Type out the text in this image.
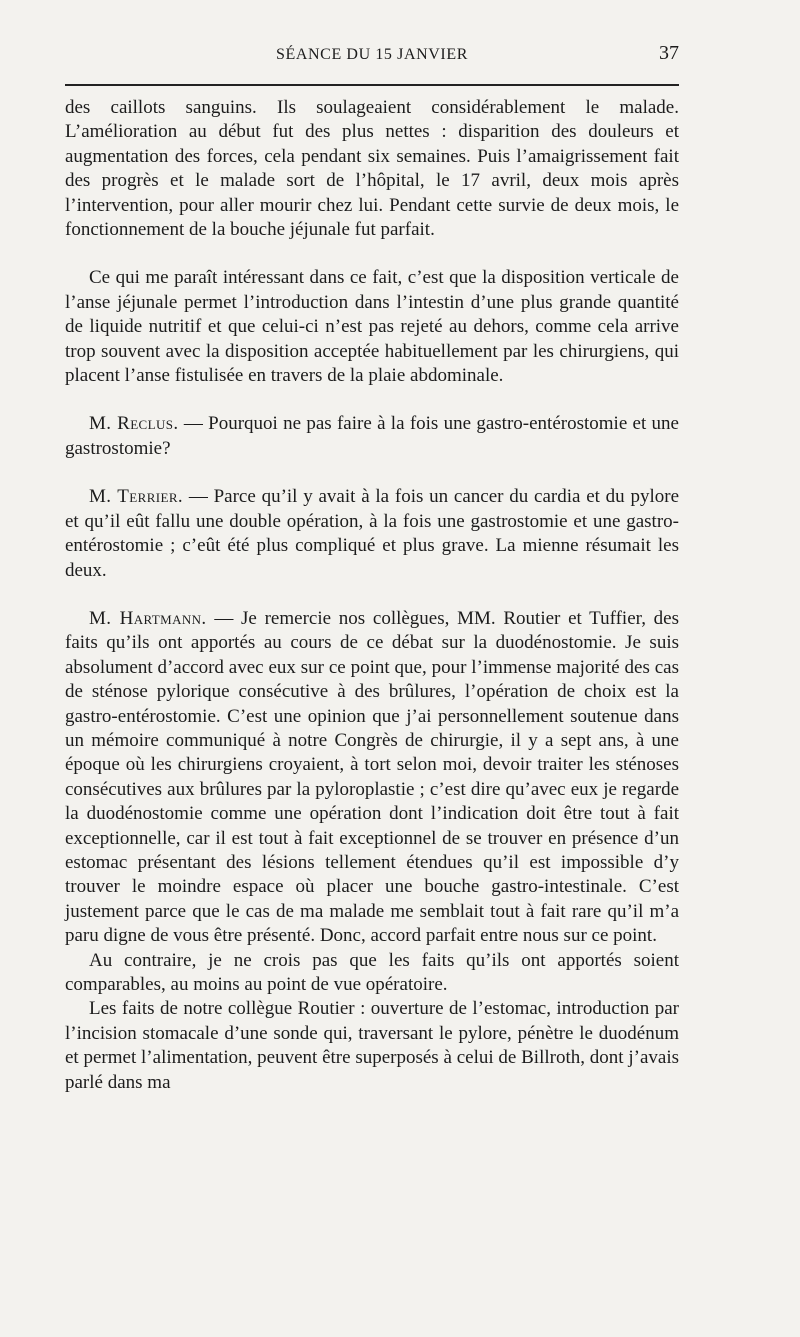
SÉANCE DU 15 JANVIER	37

des caillots sanguins. Ils soulageaient considérablement le malade. L’amélioration au début fut des plus nettes : disparition des douleurs et augmentation des forces, cela pendant six semaines. Puis l’amaigrissement fait des progrès et le malade sort de l’hôpital, le 17 avril, deux mois après l’intervention, pour aller mourir chez lui. Pendant cette survie de deux mois, le fonctionnement de la bouche jéjunale fut parfait.

Ce qui me paraît intéressant dans ce fait, c’est que la disposition verticale de l’anse jéjunale permet l’introduction dans l’intestin d’une plus grande quantité de liquide nutritif et que celui-ci n’est pas rejeté au dehors, comme cela arrive trop souvent avec la disposition acceptée habituellement par les chirurgiens, qui placent l’anse fistulisée en travers de la plaie abdominale.

M. Reclus. — Pourquoi ne pas faire à la fois une gastro-entérostomie et une gastrostomie?

M. Terrier. — Parce qu’il y avait à la fois un cancer du cardia et du pylore et qu’il eût fallu une double opération, à la fois une gastrostomie et une gastro-entérostomie ; c’eût été plus compliqué et plus grave. La mienne résumait les deux.

M. Hartmann. — Je remercie nos collègues, MM. Routier et Tuffier, des faits qu’ils ont apportés au cours de ce débat sur la duodénostomie. Je suis absolument d’accord avec eux sur ce point que, pour l’immense majorité des cas de sténose pylorique consécutive à des brûlures, l’opération de choix est la gastro-entérostomie. C’est une opinion que j’ai personnellement soutenue dans un mémoire communiqué à notre Congrès de chirurgie, il y a sept ans, à une époque où les chirurgiens croyaient, à tort selon moi, devoir traiter les sténoses consécutives aux brûlures par la pyloroplastie ; c’est dire qu’avec eux je regarde la duodénostomie comme une opération dont l’indication doit être tout à fait exceptionnelle, car il est tout à fait exceptionnel de se trouver en présence d’un estomac présentant des lésions tellement étendues qu’il est impossible d’y trouver le moindre espace où placer une bouche gastro-intestinale. C’est justement parce que le cas de ma malade me semblait tout à fait rare qu’il m’a paru digne de vous être présenté. Donc, accord parfait entre nous sur ce point.

Au contraire, je ne crois pas que les faits qu’ils ont apportés soient comparables, au moins au point de vue opératoire.

Les faits de notre collègue Routier : ouverture de l’estomac, introduction par l’incision stomacale d’une sonde qui, traversant le pylore, pénètre le duodénum et permet l’alimentation, peuvent être superposés à celui de Billroth, dont j’avais parlé dans ma
